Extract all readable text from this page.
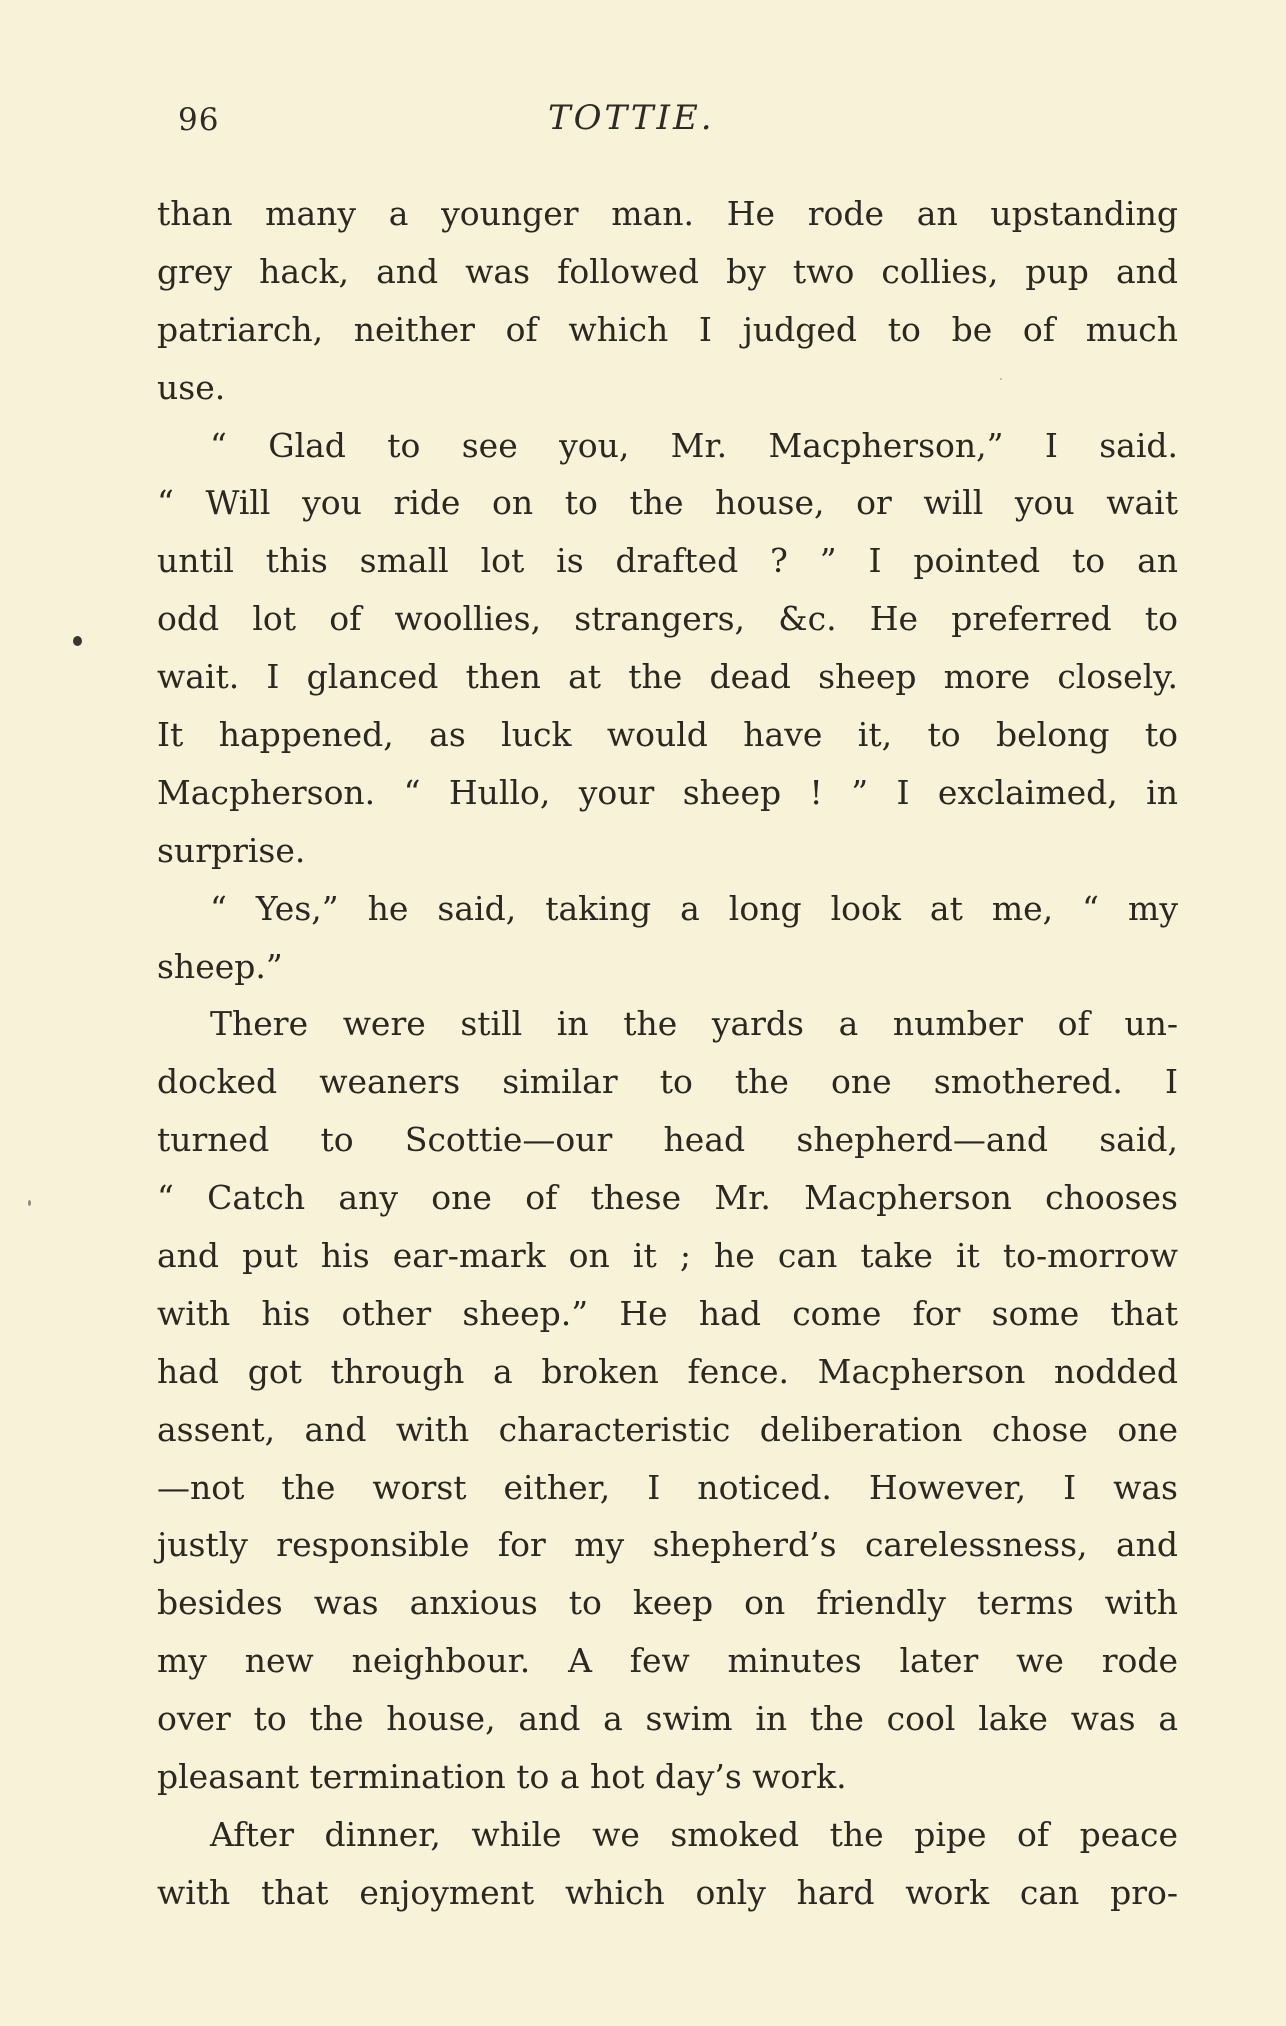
96	TOTTIE.
than many a younger man. He rode an upstanding
grey hack, and was followed by two collies, pup and
patriarch, neither of which I judged to be of much
use.
“ Glad to see you, Mr. Macpherson,” I said.
“ Will you ride on to the house, or will you wait
until this small lot is drafted ? ” I pointed to an
odd lot of woollies, strangers, &c. He preferred to
wait. I glanced then at the dead sheep more closely.
It happened, as luck would have it, to belong to
Macpherson. “ Hullo, your sheep ! ” I exclaimed, in
surprise.
“ Yes,” he said, taking a long look at me, “ my
sheep.”
There were still in the yards a number of un-
docked weaners similar to the one smothered. I
turned to Scottie—our head shepherd—and said,
“ Catch any one of these Mr. Macpherson chooses
and put his ear-mark on it ; he can take it to-morrow
with his other sheep.” He had come for some that
had got through a broken fence. Macpherson nodded
assent, and with characteristic deliberation chose one
—not the worst either, I noticed. However, I was
justly responsible for my shepherd’s carelessness, and
besides was anxious to keep on friendly terms with
my new neighbour. A few minutes later we rode
over to the house, and a swim in the cool lake was a
pleasant termination to a hot day’s work.
After dinner, while we smoked the pipe of peace
with that enjoyment which only hard work can pro-
